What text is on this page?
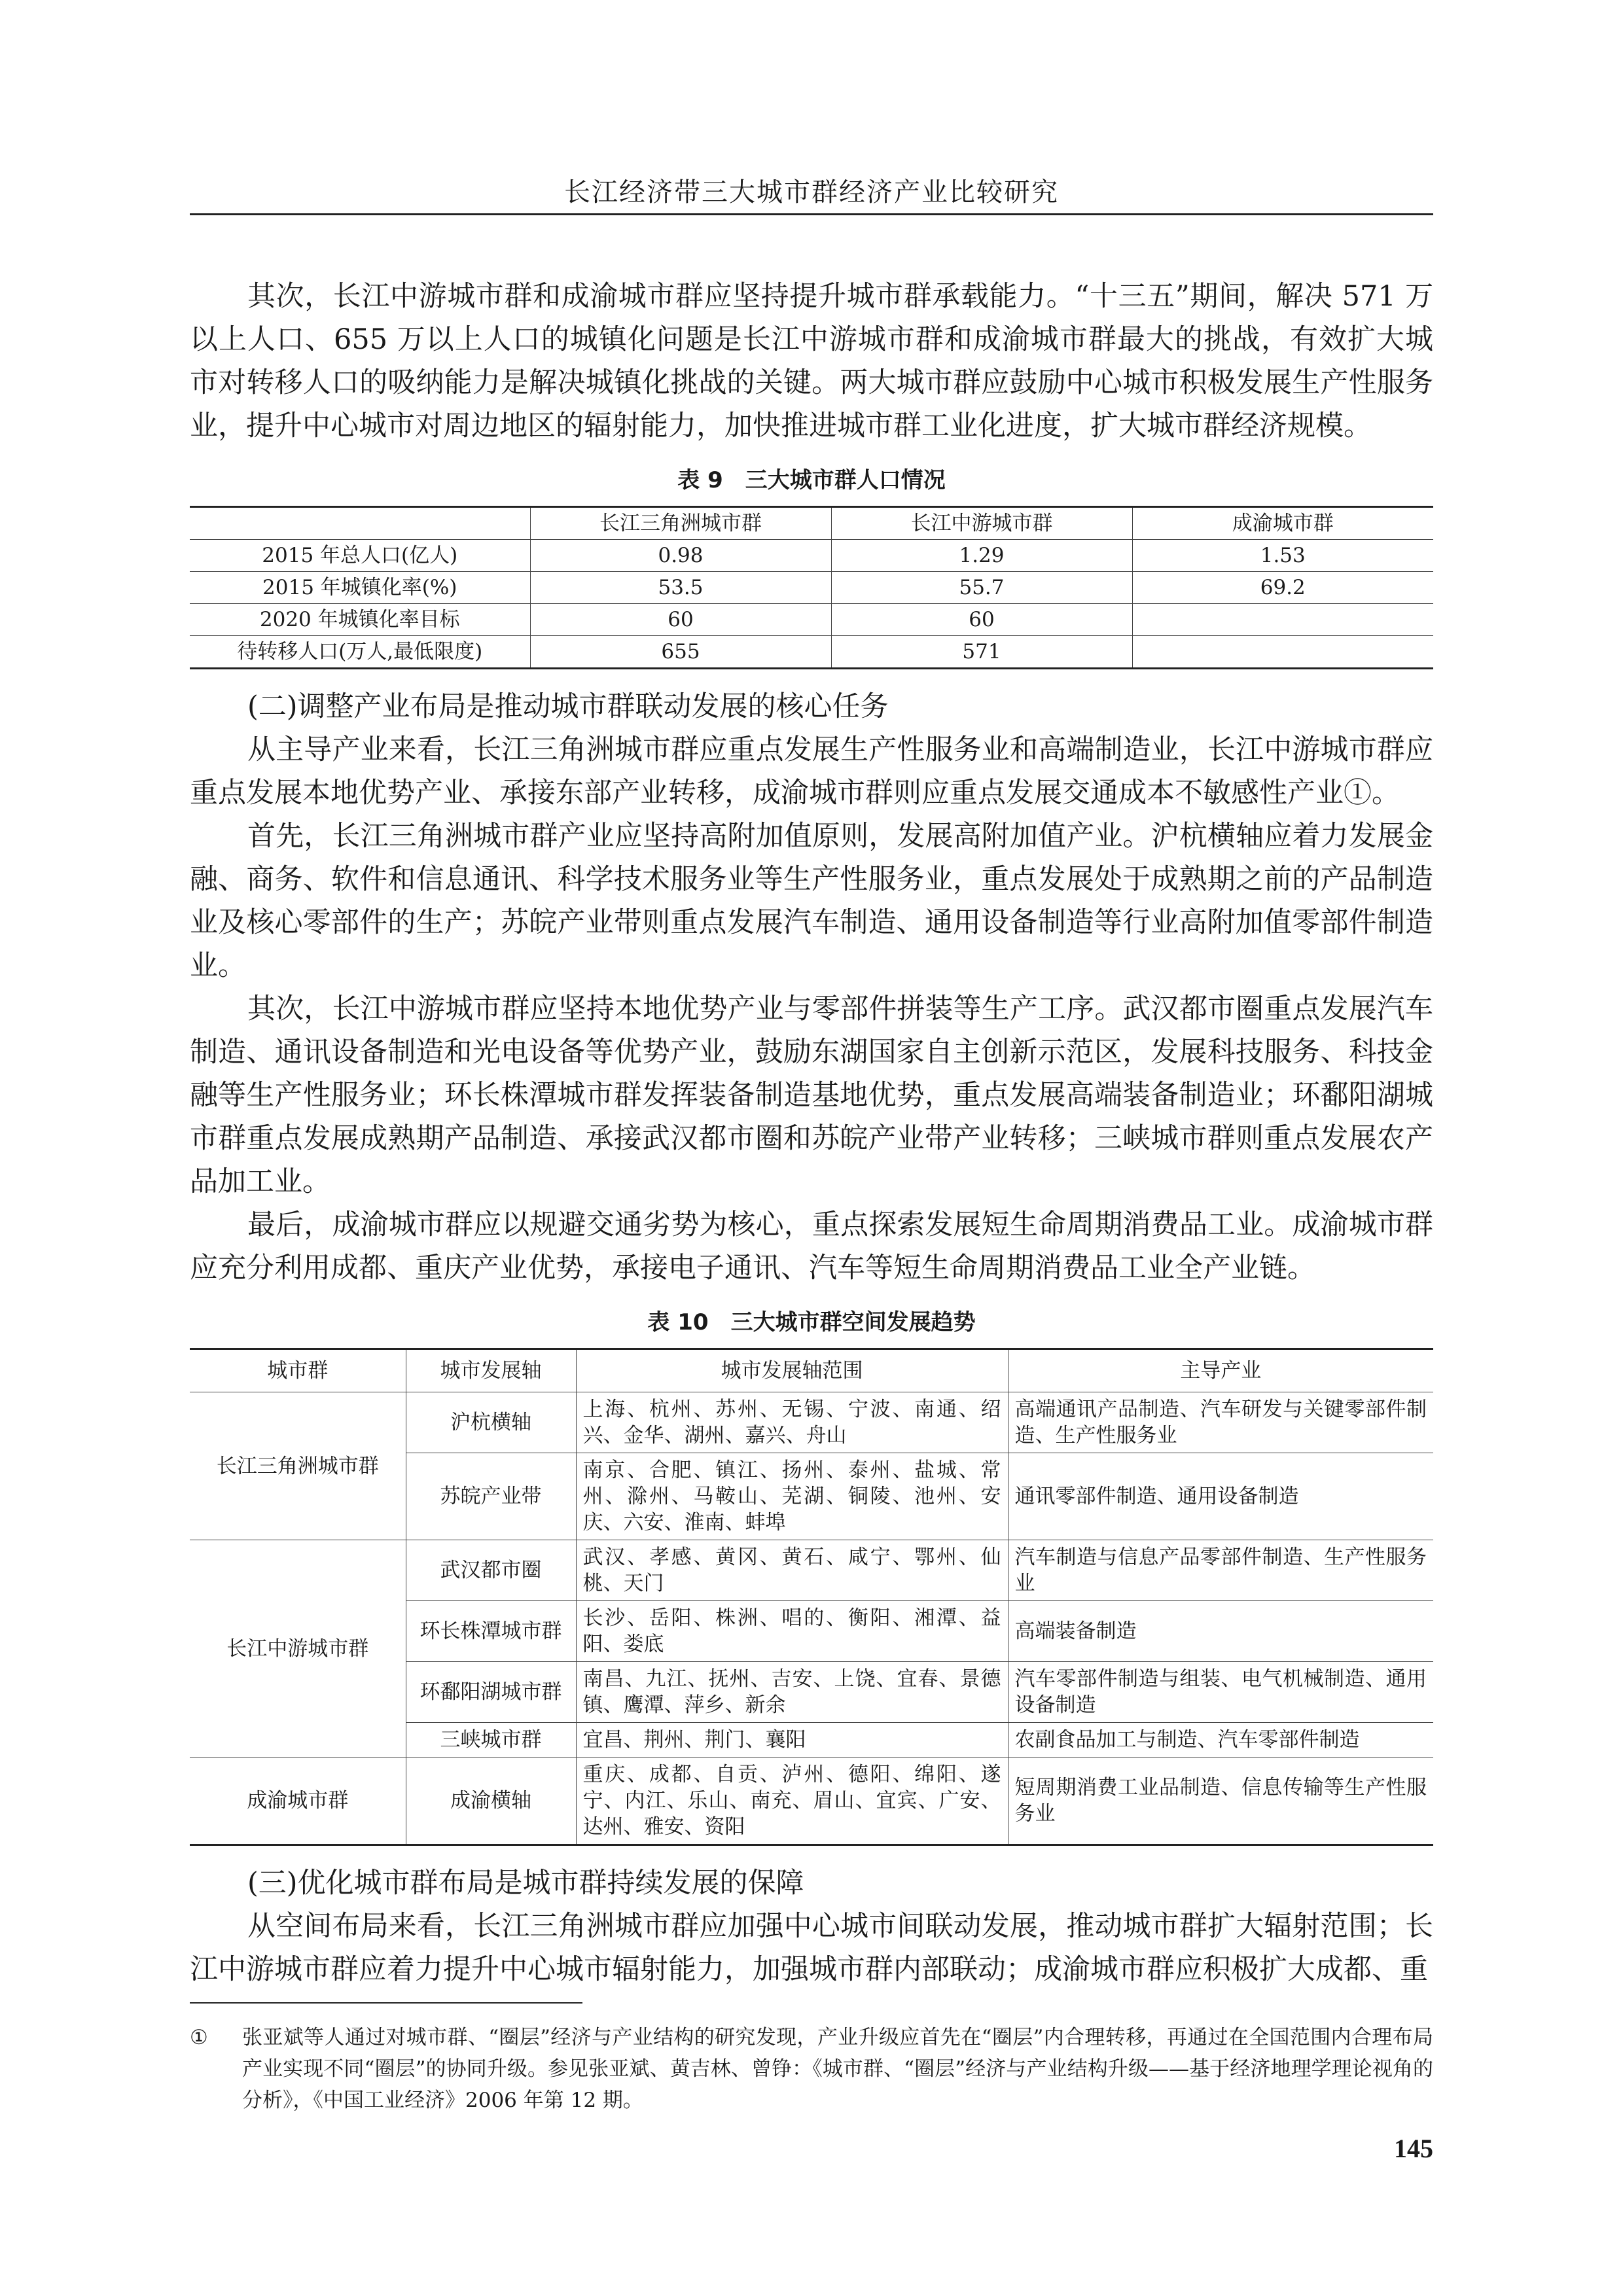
长江经济带三大城市群经济产业比较研究

其次，长江中游城市群和成渝城市群应坚持提升城市群承载能力。“十三五”期间，解决 571 万以上人口、655 万以上人口的城镇化问题是长江中游城市群和成渝城市群最大的挑战，有效扩大城市对转移人口的吸纳能力是解决城镇化挑战的关键。两大城市群应鼓励中心城市积极发展生产性服务业，提升中心城市对周边地区的辐射能力，加快推进城市群工业化进度，扩大城市群经济规模。

表 9　三大城市群人口情况
	长江三角洲城市群	长江中游城市群	成渝城市群
2015 年总人口(亿人)	0.98	1.29	1.53
2015 年城镇化率(%)	53.5	55.7	69.2
2020 年城镇化率目标	60	60	
待转移人口(万人,最低限度)	655	571	
(二)调整产业布局是推动城市群联动发展的核心任务

从主导产业来看，长江三角洲城市群应重点发展生产性服务业和高端制造业，长江中游城市群应重点发展本地优势产业、承接东部产业转移，成渝城市群则应重点发展交通成本不敏感性产业①。

首先，长江三角洲城市群产业应坚持高附加值原则，发展高附加值产业。沪杭横轴应着力发展金融、商务、软件和信息通讯、科学技术服务业等生产性服务业，重点发展处于成熟期之前的产品制造业及核心零部件的生产；苏皖产业带则重点发展汽车制造、通用设备制造等行业高附加值零部件制造业。

其次，长江中游城市群应坚持本地优势产业与零部件拼装等生产工序。武汉都市圈重点发展汽车制造、通讯设备制造和光电设备等优势产业，鼓励东湖国家自主创新示范区，发展科技服务、科技金融等生产性服务业；环长株潭城市群发挥装备制造基地优势，重点发展高端装备制造业；环鄱阳湖城市群重点发展成熟期产品制造、承接武汉都市圈和苏皖产业带产业转移；三峡城市群则重点发展农产品加工业。

最后，成渝城市群应以规避交通劣势为核心，重点探索发展短生命周期消费品工业。成渝城市群应充分利用成都、重庆产业优势，承接电子通讯、汽车等短生命周期消费品工业全产业链。

表 10　三大城市群空间发展趋势
城市群	城市发展轴	城市发展轴范围	主导产业
长江三角洲城市群	沪杭横轴	上海、杭州、苏州、无锡、宁波、南通、绍兴、金华、湖州、嘉兴、舟山	高端通讯产品制造、汽车研发与关键零部件制造、生产性服务业
	苏皖产业带	南京、合肥、镇江、扬州、泰州、盐城、常州、滁州、马鞍山、芜湖、铜陵、池州、安庆、六安、淮南、蚌埠	通讯零部件制造、通用设备制造
长江中游城市群	武汉都市圈	武汉、孝感、黄冈、黄石、咸宁、鄂州、仙桃、天门	汽车制造与信息产品零部件制造、生产性服务业
	环长株潭城市群	长沙、岳阳、株洲、唱的、衡阳、湘潭、益阳、娄底	高端装备制造
	环鄱阳湖城市群	南昌、九江、抚州、吉安、上饶、宜春、景德镇、鹰潭、萍乡、新余	汽车零部件制造与组装、电气机械制造、通用设备制造
	三峡城市群	宜昌、荆州、荆门、襄阳	农副食品加工与制造、汽车零部件制造
成渝城市群	成渝横轴	重庆、成都、自贡、泸州、德阳、绵阳、遂宁、内江、乐山、南充、眉山、宜宾、广安、达州、雅安、资阳	短周期消费工业品制造、信息传输等生产性服务业
(三)优化城市群布局是城市群持续发展的保障

从空间布局来看，长江三角洲城市群应加强中心城市间联动发展，推动城市群扩大辐射范围；长江中游城市群应着力提升中心城市辐射能力，加强城市群内部联动；成渝城市群应积极扩大成都、重

① 张亚斌等人通过对城市群、“圈层”经济与产业结构的研究发现，产业升级应首先在“圈层”内合理转移，再通过在全国范围内合理布局产业实现不同“圈层”的协同升级。参见张亚斌、黄吉林、曾铮：《城市群、“圈层”经济与产业结构升级——基于经济地理学理论视角的分析》，《中国工业经济》2006 年第 12 期。
145
